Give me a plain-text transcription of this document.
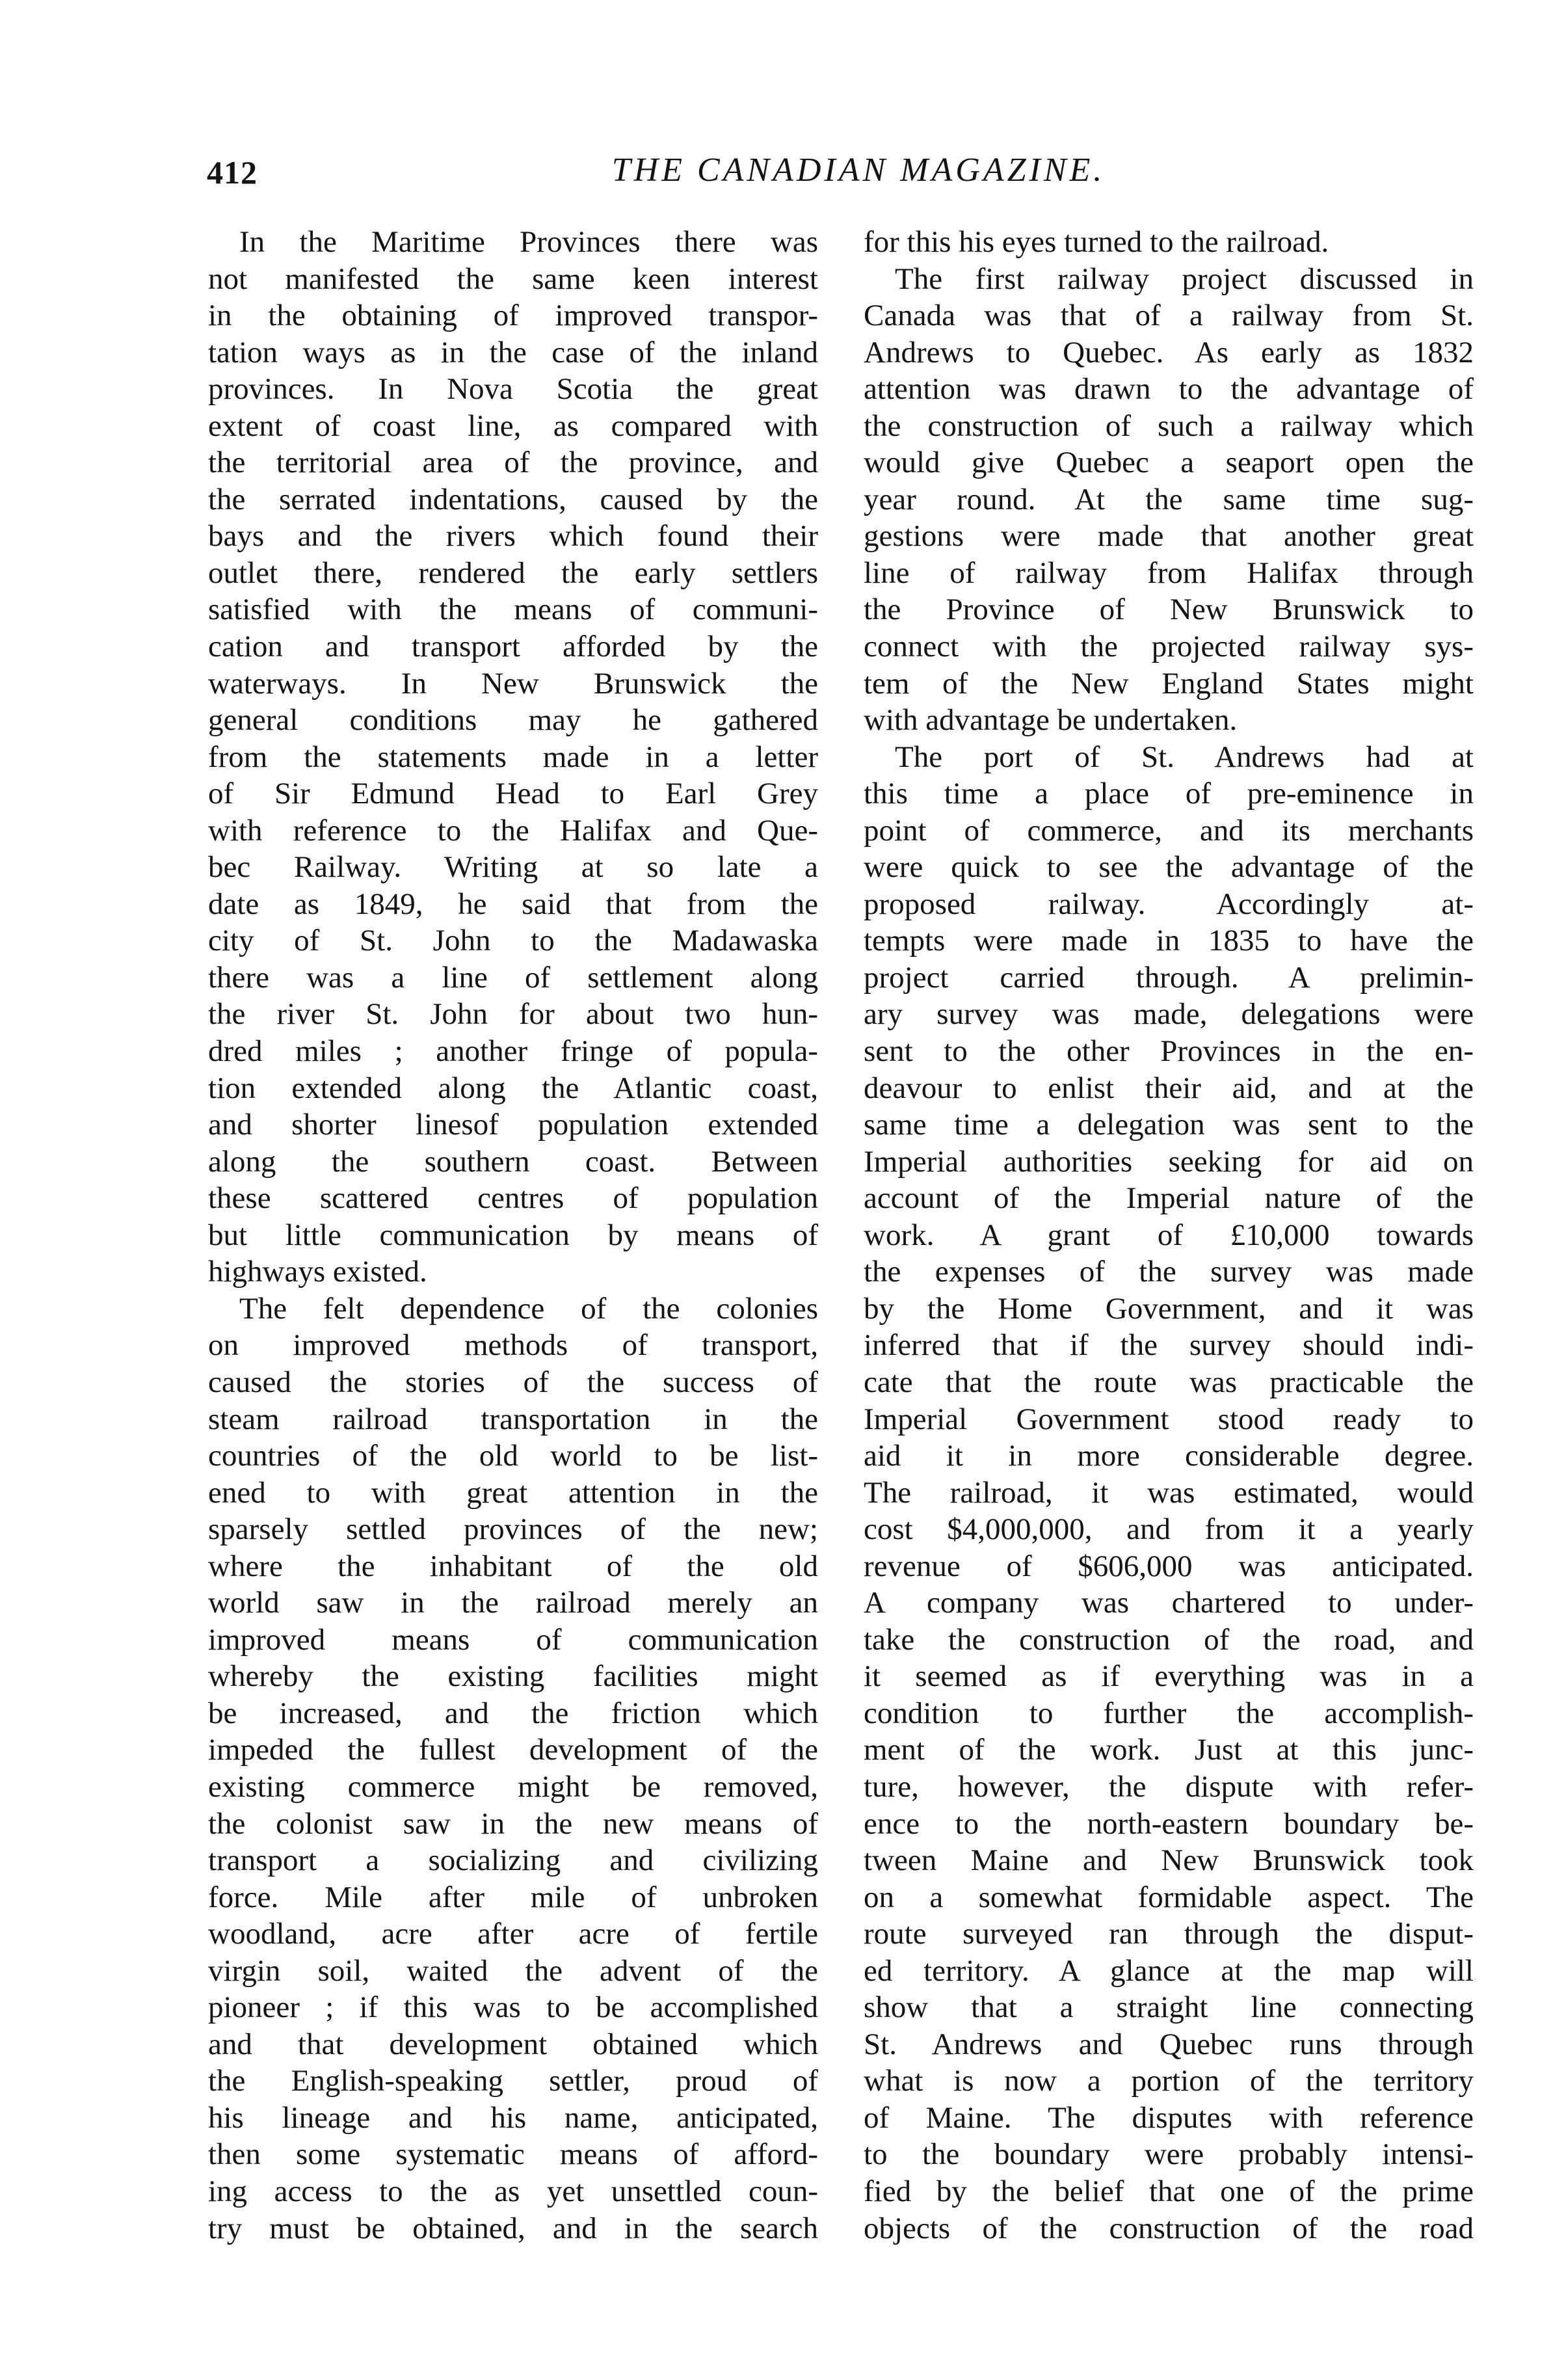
412	THE CANADIAN MAGAZINE.
In the Maritime Provinces there was
not manifested the same keen interest
in the obtaining of improved transpor-
tation ways as in the case of the inland
provinces. In Nova Scotia the great
extent of coast line, as compared with
the territorial area of the province, and
the serrated indentations, caused by the
bays and the rivers which found their
outlet there, rendered the early settlers
satisfied with the means of communi-
cation and transport afforded by the
waterways. In New Brunswick the
general conditions may he gathered
from the statements made in a letter
of Sir Edmund Head to Earl Grey
with reference to the Halifax and Que-
bec Railway. Writing at so late a
date as 1849, he said that from the
city of St. John to the Madawaska
there was a line of settlement along
the river St. John for about two hun-
dred miles ; another fringe of popula-
tion extended along the Atlantic coast,
and shorter linesof population extended
along the southern coast. Between
these scattered centres of population
but little communication by means of
highways existed.
The felt dependence of the colonies
on improved methods of transport,
caused the stories of the success of
steam railroad transportation in the
countries of the old world to be list-
ened to with great attention in the
sparsely settled provinces of the new;
where the inhabitant of the old
world saw in the railroad merely an
improved means of communication
whereby the existing facilities might
be increased, and the friction which
impeded the fullest development of the
existing commerce might be removed,
the colonist saw in the new means of
transport a socializing and civilizing
force. Mile after mile of unbroken
woodland, acre after acre of fertile
virgin soil, waited the advent of the
pioneer ; if this was to be accomplished
and that development obtained which
the English-speaking settler, proud of
his lineage and his name, anticipated,
then some systematic means of afford-
ing access to the as yet unsettled coun-
try must be obtained, and in the search
for this his eyes turned to the railroad.
The first railway project discussed in
Canada was that of a railway from St.
Andrews to Quebec. As early as 1832
attention was drawn to the advantage of
the construction of such a railway which
would give Quebec a seaport open the
year round. At the same time sug-
gestions were made that another great
line of railway from Halifax through
the Province of New Brunswick to
connect with the projected railway sys-
tem of the New England States might
with advantage be undertaken.
The port of St. Andrews had at
this time a place of pre-eminence in
point of commerce, and its merchants
were quick to see the advantage of the
proposed railway. Accordingly at-
tempts were made in 1835 to have the
project carried through. A prelimin-
ary survey was made, delegations were
sent to the other Provinces in the en-
deavour to enlist their aid, and at the
same time a delegation was sent to the
Imperial authorities seeking for aid on
account of the Imperial nature of the
work. A grant of £10,000 towards
the expenses of the survey was made
by the Home Government, and it was
inferred that if the survey should indi-
cate that the route was practicable the
Imperial Government stood ready to
aid it in more considerable degree.
The railroad, it was estimated, would
cost $4,000,000, and from it a yearly
revenue of $606,000 was anticipated.
A company was chartered to under-
take the construction of the road, and
it seemed as if everything was in a
condition to further the accomplish-
ment of the work. Just at this junc-
ture, however, the dispute with refer-
ence to the north-eastern boundary be-
tween Maine and New Brunswick took
on a somewhat formidable aspect. The
route surveyed ran through the disput-
ed territory. A glance at the map will
show that a straight line connecting
St. Andrews and Quebec runs through
what is now a portion of the territory
of Maine. The disputes with reference
to the boundary were probably intensi-
fied by the belief that one of the prime
objects of the construction of the road
